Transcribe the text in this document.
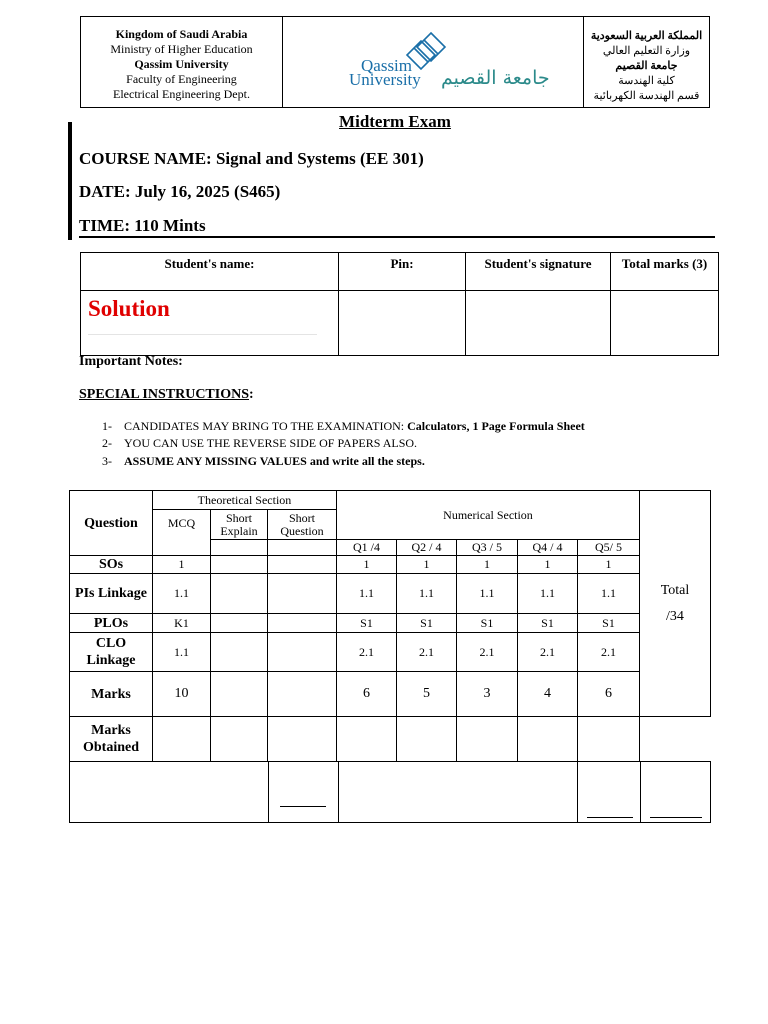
Kingdom of Saudi Arabia
Ministry of Higher Education
Qassim University
Faculty of Engineering
Electrical Engineering Dept.
Qassim
University جامعة القصيم
المملكة العربية السعودية
وزارة التعليم العالي
جامعة القصيم
كلية الهندسة
قسم الهندسة الكهربائية
Midterm Exam
COURSE NAME: Signal and Systems (EE 301)
DATE: July 16, 2025 (S465)
TIME: 110 Mints
Student's name:	Pin:	Student's signature	Total marks (3)

Solution			

Important Notes:
SPECIAL INSTRUCTIONS:
1- CANDIDATES MAY BRING TO THE EXAMINATION: Calculators, 1 Page Formula Sheet
2- YOU CAN USE THE REVERSE SIDE OF PAPERS ALSO.
3- ASSUME ANY MISSING VALUES and write all the steps.
Question	Theoretical Section			Numerical Section					Total
/34

	MCQ	Short Explain	Short Question						
				Q1 /4	Q2 / 4	Q3 / 5	Q4 / 4	Q5/ 5	
SOs	1			1	1	1	1	1	
PIs Linkage	1.1			1.1	1.1	1.1	1.1	1.1	
PLOs	K1			S1	S1	S1	S1	S1	
CLO Linkage	1.1			2.1	2.1	2.1	2.1	2.1	
Marks	10			6	5	3	4	6	
Marks Obtained									
